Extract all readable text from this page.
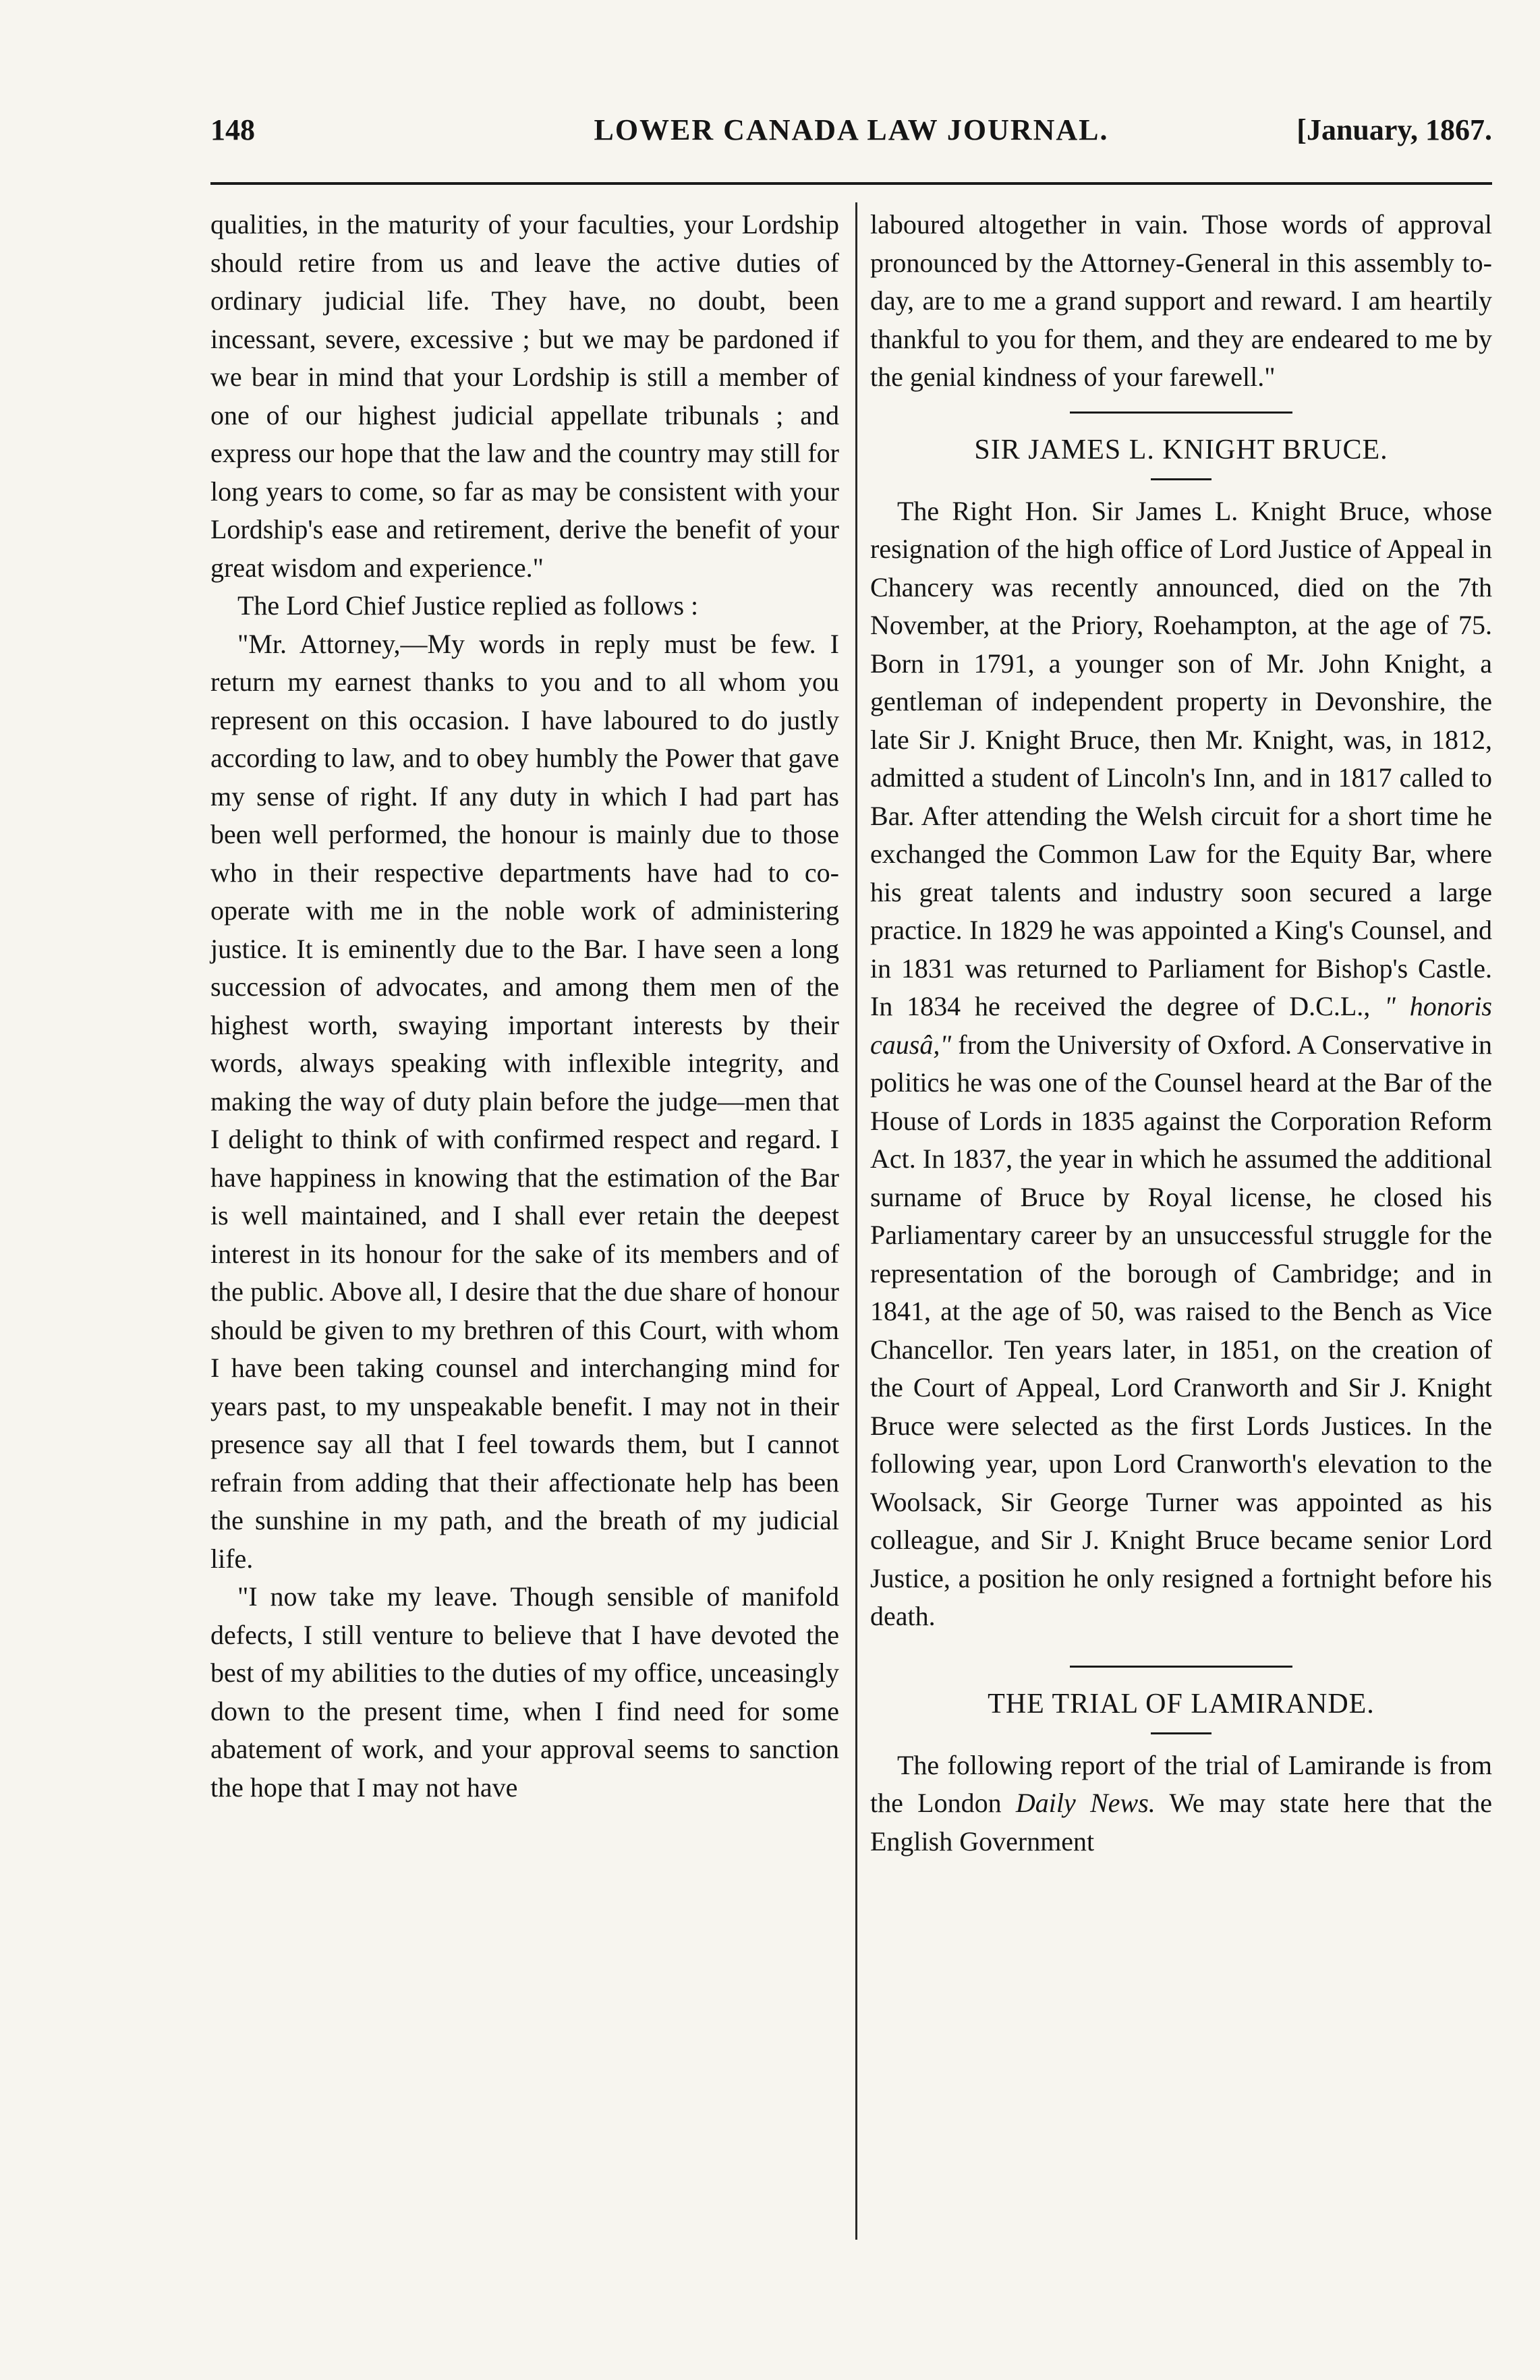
148	LOWER CANADA LAW JOURNAL.	[January, 1867.

qualities, in the maturity of your faculties, your Lordship should retire from us and leave the active duties of ordinary judicial life. They have, no doubt, been incessant, severe, excessive ; but we may be pardoned if we bear in mind that your Lordship is still a member of one of our highest judicial appellate tribunals ; and express our hope that the law and the country may still for long years to come, so far as may be consistent with your Lordship's ease and retirement, derive the benefit of your great wisdom and experience."

The Lord Chief Justice replied as follows :

"Mr. Attorney,—My words in reply must be few. I return my earnest thanks to you and to all whom you represent on this occasion. I have laboured to do justly according to law, and to obey humbly the Power that gave my sense of right. If any duty in which I had part has been well performed, the honour is mainly due to those who in their respective departments have had to co-operate with me in the noble work of administering justice. It is eminently due to the Bar. I have seen a long succession of advocates, and among them men of the highest worth, swaying important interests by their words, always speaking with inflexible integrity, and making the way of duty plain before the judge—men that I delight to think of with confirmed respect and regard. I have happiness in knowing that the estimation of the Bar is well maintained, and I shall ever retain the deepest interest in its honour for the sake of its members and of the public. Above all, I desire that the due share of honour should be given to my brethren of this Court, with whom I have been taking counsel and interchanging mind for years past, to my unspeakable benefit. I may not in their presence say all that I feel towards them, but I cannot refrain from adding that their affectionate help has been the sunshine in my path, and the breath of my judicial life.

"I now take my leave. Though sensible of manifold defects, I still venture to believe that I have devoted the best of my abilities to the duties of my office, unceasingly down to the present time, when I find need for some abatement of work, and your approval seems to sanction the hope that I may not have

laboured altogether in vain. Those words of approval pronounced by the Attorney-General in this assembly to-day, are to me a grand support and reward. I am heartily thankful to you for them, and they are endeared to me by the genial kindness of your farewell."

SIR JAMES L. KNIGHT BRUCE.

The Right Hon. Sir James L. Knight Bruce, whose resignation of the high office of Lord Justice of Appeal in Chancery was recently announced, died on the 7th November, at the Priory, Roehampton, at the age of 75. Born in 1791, a younger son of Mr. John Knight, a gentleman of independent property in Devonshire, the late Sir J. Knight Bruce, then Mr. Knight, was, in 1812, admitted a student of Lincoln's Inn, and in 1817 called to Bar. After attending the Welsh circuit for a short time he exchanged the Common Law for the Equity Bar, where his great talents and industry soon secured a large practice. In 1829 he was appointed a King's Counsel, and in 1831 was returned to Parliament for Bishop's Castle. In 1834 he received the degree of D.C.L., " honoris causâ," from the University of Oxford. A Conservative in politics he was one of the Counsel heard at the Bar of the House of Lords in 1835 against the Corporation Reform Act. In 1837, the year in which he assumed the additional surname of Bruce by Royal license, he closed his Parliamentary career by an unsuccessful struggle for the representation of the borough of Cambridge; and in 1841, at the age of 50, was raised to the Bench as Vice Chancellor. Ten years later, in 1851, on the creation of the Court of Appeal, Lord Cranworth and Sir J. Knight Bruce were selected as the first Lords Justices. In the following year, upon Lord Cranworth's elevation to the Woolsack, Sir George Turner was appointed as his colleague, and Sir J. Knight Bruce became senior Lord Justice, a position he only resigned a fortnight before his death.

THE TRIAL OF LAMIRANDE.

The following report of the trial of Lamirande is from the London Daily News. We may state here that the English Government
